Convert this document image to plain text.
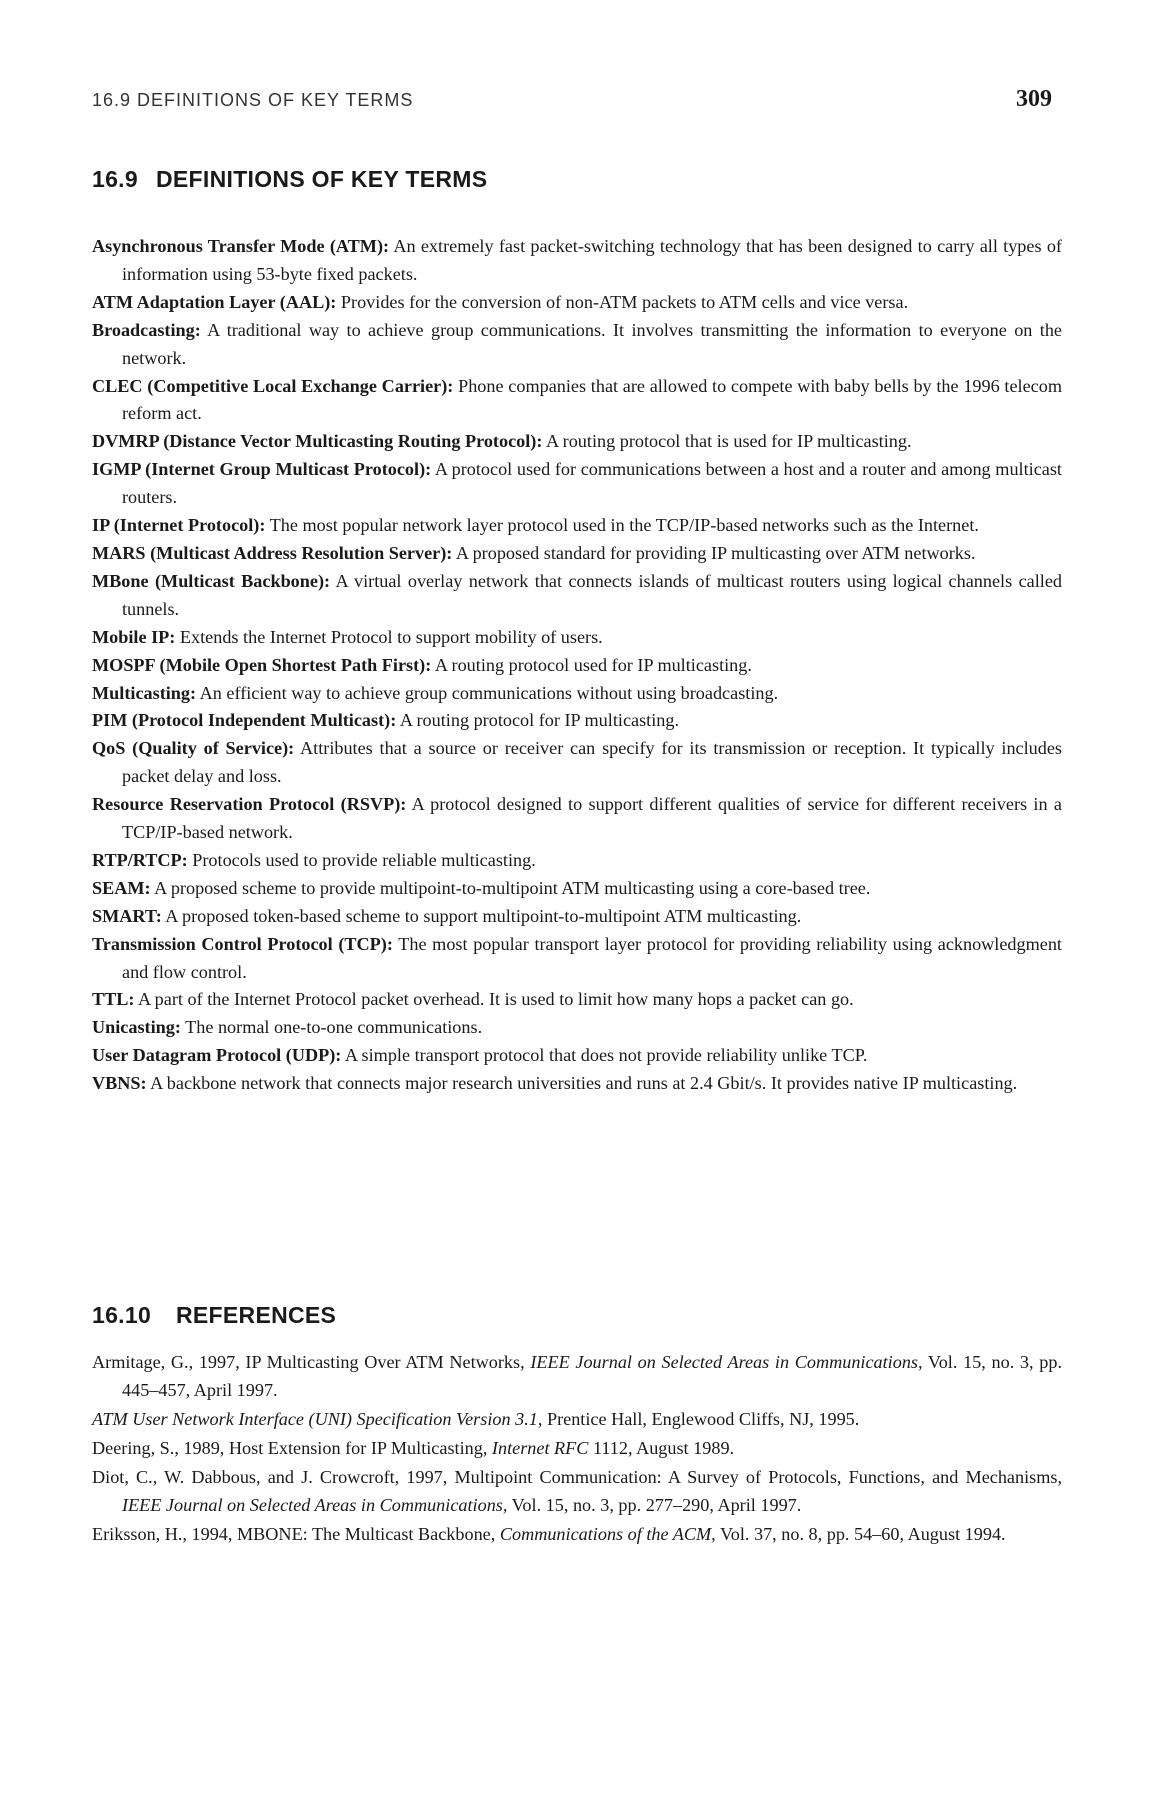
16.9 DEFINITIONS OF KEY TERMS	309
16.9 DEFINITIONS OF KEY TERMS
Asynchronous Transfer Mode (ATM): An extremely fast packet-switching technology that has been designed to carry all types of information using 53-byte fixed packets.
ATM Adaptation Layer (AAL): Provides for the conversion of non-ATM packets to ATM cells and vice versa.
Broadcasting: A traditional way to achieve group communications. It involves transmitting the information to everyone on the network.
CLEC (Competitive Local Exchange Carrier): Phone companies that are allowed to compete with baby bells by the 1996 telecom reform act.
DVMRP (Distance Vector Multicasting Routing Protocol): A routing protocol that is used for IP multicasting.
IGMP (Internet Group Multicast Protocol): A protocol used for communications between a host and a router and among multicast routers.
IP (Internet Protocol): The most popular network layer protocol used in the TCP/IP-based networks such as the Internet.
MARS (Multicast Address Resolution Server): A proposed standard for providing IP multicasting over ATM networks.
MBone (Multicast Backbone): A virtual overlay network that connects islands of multicast routers using logical channels called tunnels.
Mobile IP: Extends the Internet Protocol to support mobility of users.
MOSPF (Mobile Open Shortest Path First): A routing protocol used for IP multicasting.
Multicasting: An efficient way to achieve group communications without using broadcasting.
PIM (Protocol Independent Multicast): A routing protocol for IP multicasting.
QoS (Quality of Service): Attributes that a source or receiver can specify for its transmission or reception. It typically includes packet delay and loss.
Resource Reservation Protocol (RSVP): A protocol designed to support different qualities of service for different receivers in a TCP/IP-based network.
RTP/RTCP: Protocols used to provide reliable multicasting.
SEAM: A proposed scheme to provide multipoint-to-multipoint ATM multicasting using a core-based tree.
SMART: A proposed token-based scheme to support multipoint-to-multipoint ATM multicasting.
Transmission Control Protocol (TCP): The most popular transport layer protocol for providing reliability using acknowledgment and flow control.
TTL: A part of the Internet Protocol packet overhead. It is used to limit how many hops a packet can go.
Unicasting: The normal one-to-one communications.
User Datagram Protocol (UDP): A simple transport protocol that does not provide reliability unlike TCP.
VBNS: A backbone network that connects major research universities and runs at 2.4 Gbit/s. It provides native IP multicasting.
16.10 REFERENCES
Armitage, G., 1997, IP Multicasting Over ATM Networks, IEEE Journal on Selected Areas in Communications, Vol. 15, no. 3, pp. 445–457, April 1997.
ATM User Network Interface (UNI) Specification Version 3.1, Prentice Hall, Englewood Cliffs, NJ, 1995.
Deering, S., 1989, Host Extension for IP Multicasting, Internet RFC 1112, August 1989.
Diot, C., W. Dabbous, and J. Crowcroft, 1997, Multipoint Communication: A Survey of Protocols, Functions, and Mechanisms, IEEE Journal on Selected Areas in Communications, Vol. 15, no. 3, pp. 277–290, April 1997.
Eriksson, H., 1994, MBONE: The Multicast Backbone, Communications of the ACM, Vol. 37, no. 8, pp. 54–60, August 1994.
